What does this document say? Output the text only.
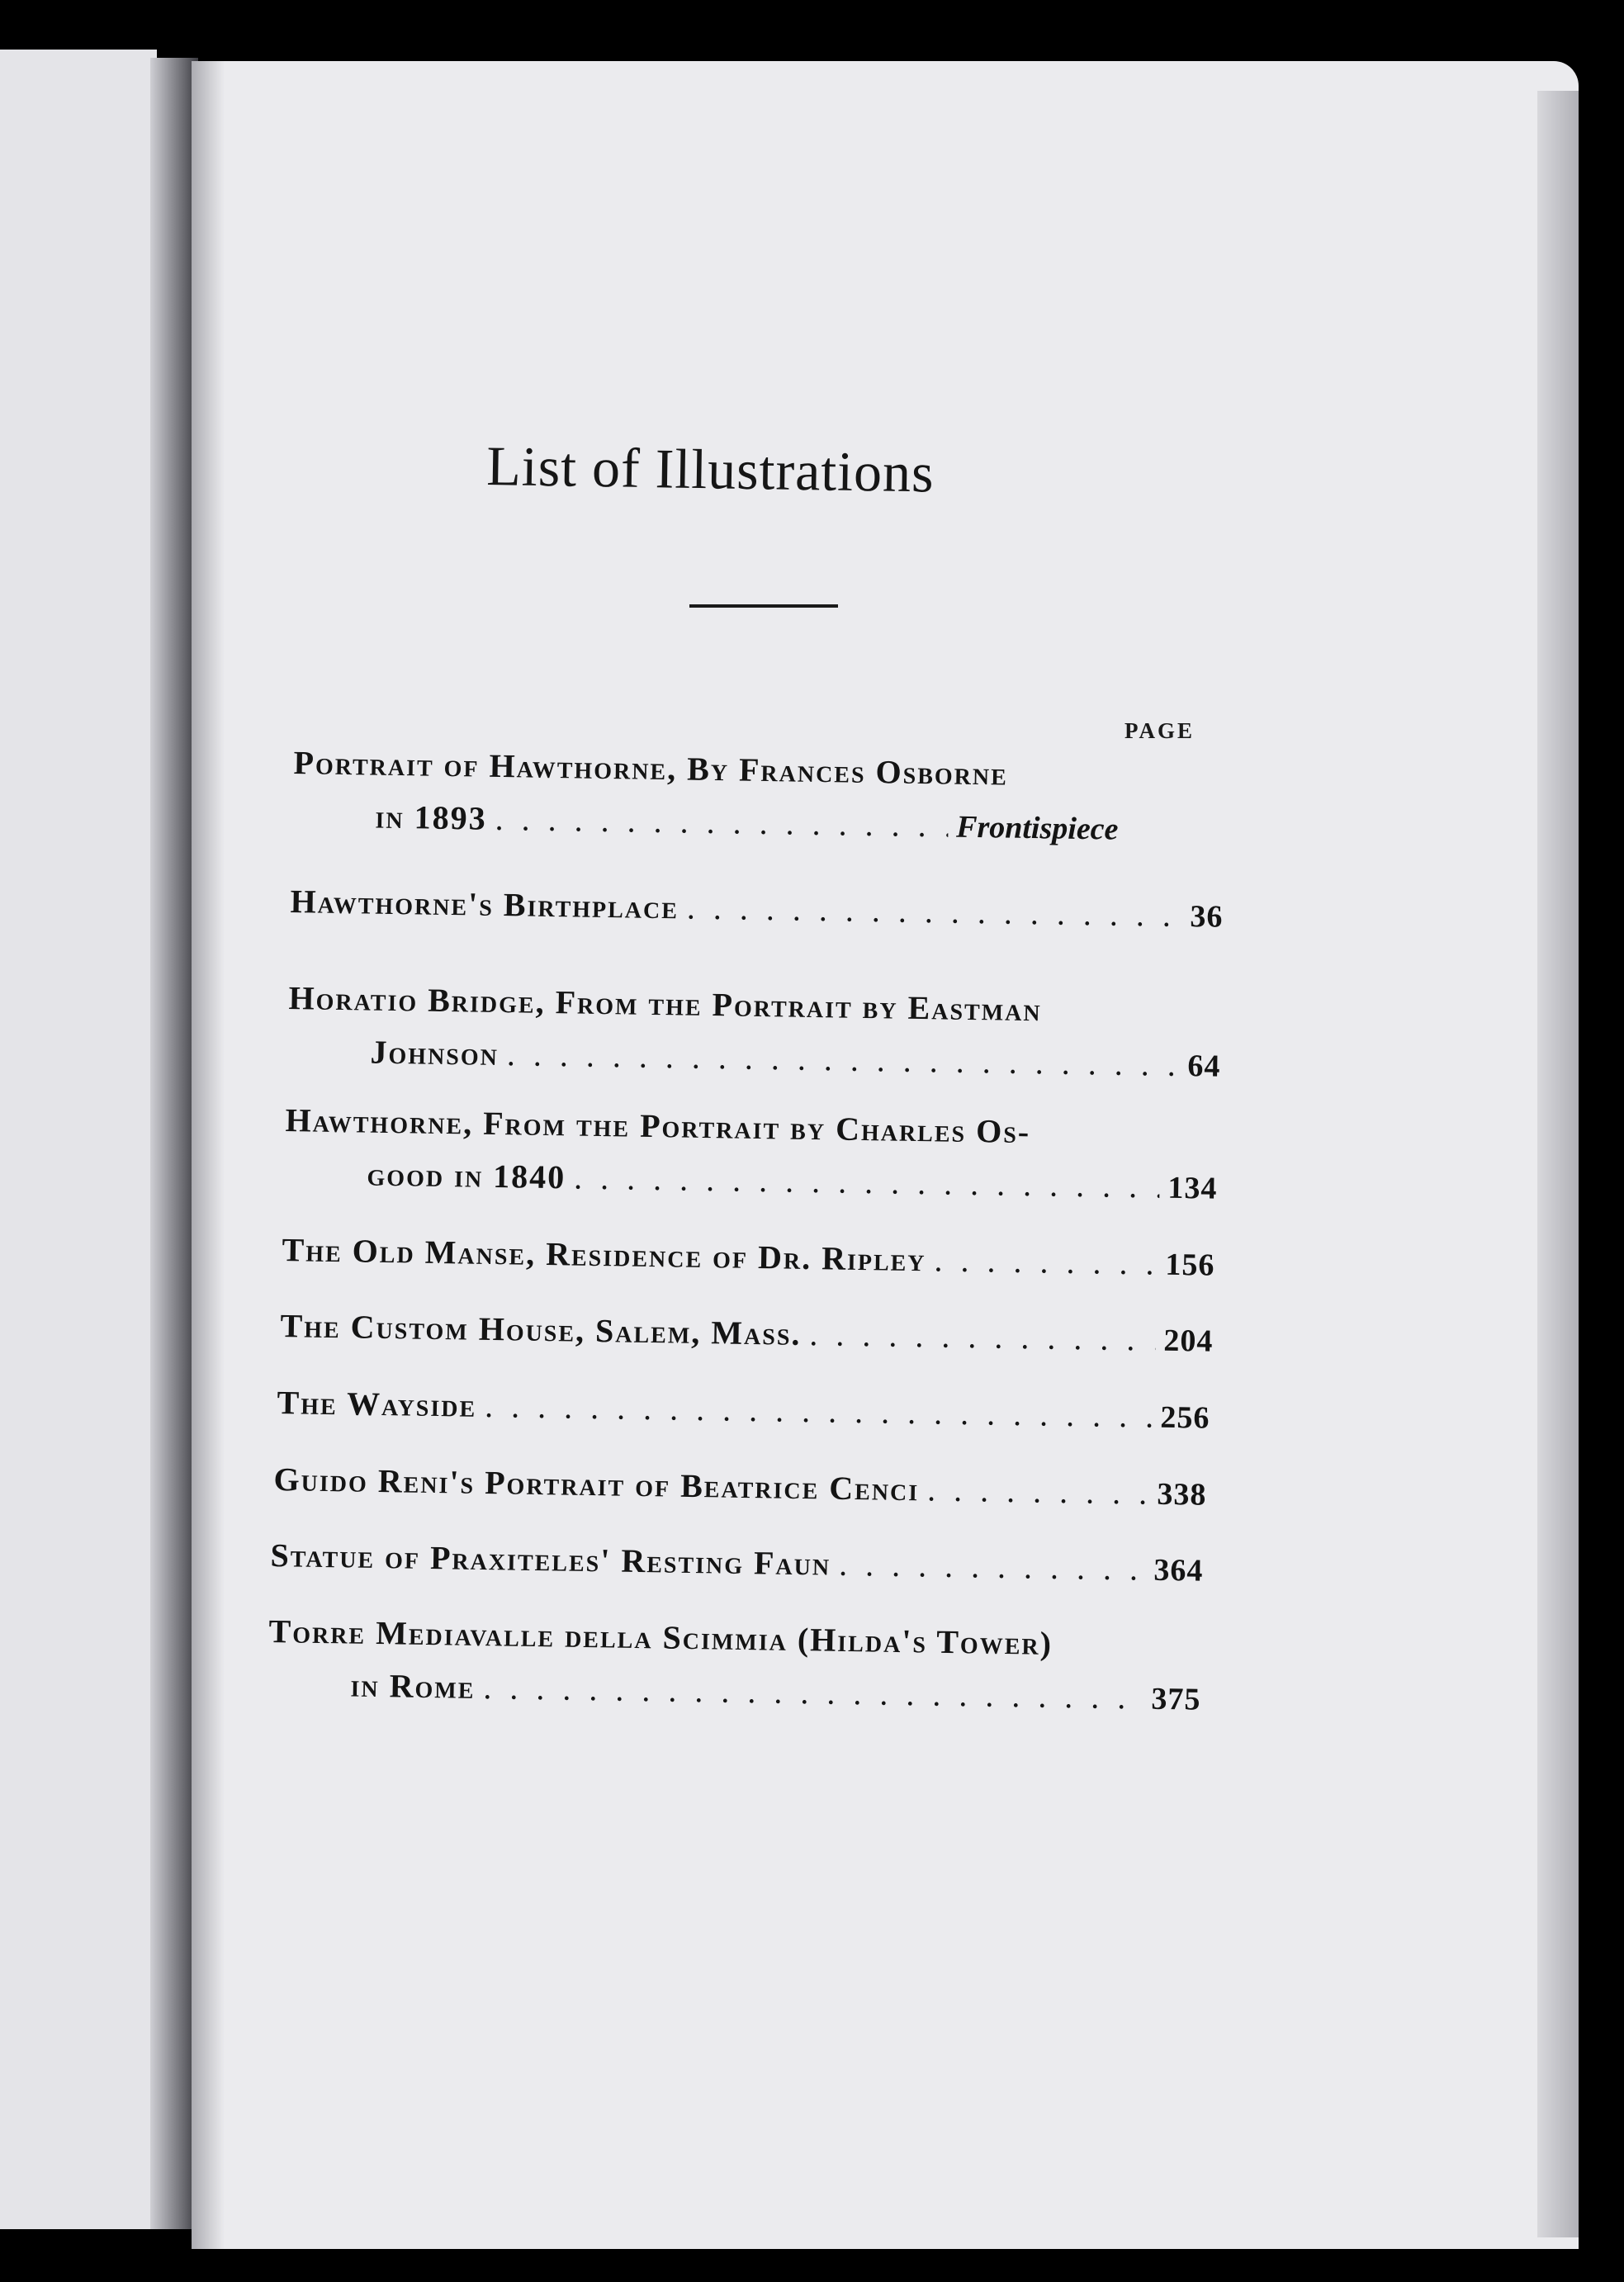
List of Illustrations
PAGE
Portrait of Hawthorne, By Frances Osborne
in 1893 . . .	Frontispiece
Hawthorne's Birthplace . . .	36
Horatio Bridge, From the Portrait by Eastman
Johnson . . .	64
Hawthorne, From the Portrait by Charles Os-
good in 1840 . . .	134
The Old Manse, Residence of Dr. Ripley . . .	156
The Custom House, Salem, Mass. . . .	204
The Wayside . . .	256
Guido Reni's Portrait of Beatrice Cenci . . .	338
Statue of Praxiteles' Resting Faun . . .	364
Torre Mediavalle della Scimmia (Hilda's Tower)
in Rome . . .	375
